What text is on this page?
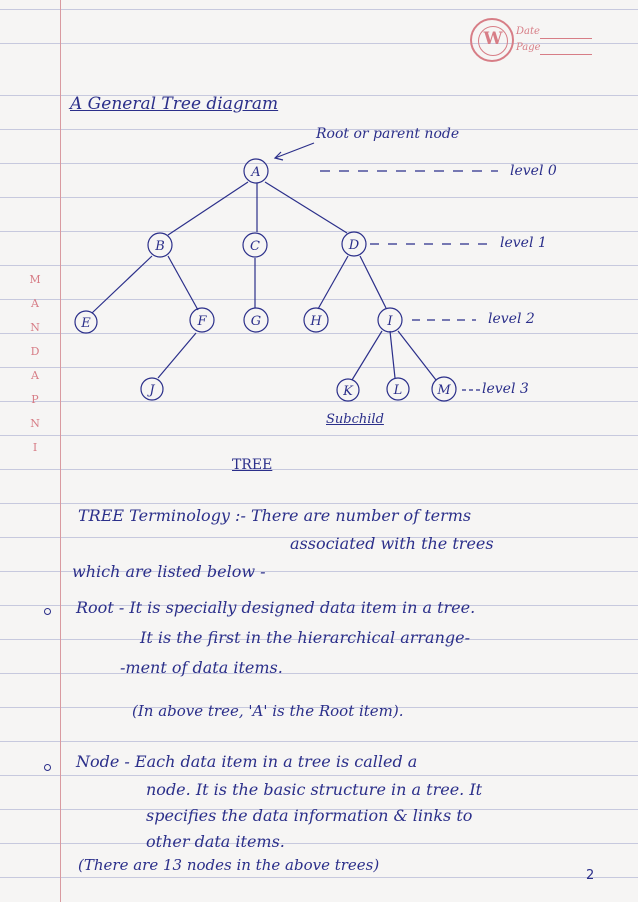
W	Date
Page
M A N D A P N I
A General Tree diagram
Root or parent node
A
B	C	D
E	F	G	H	I
J	K	L	M
level 0
level 1
level 2
level 3
Subchild
TREE
TREE Terminology :- There are number of terms
associated with the trees
which are listed below -
Root - It is specially designed data item in a tree.
It is the first in the hierarchical arrange-
-ment of data items.
(In above tree, 'A' is the Root item).
Node - Each data item in a tree is called a
node. It is the basic structure in a tree. It
specifies the data information & links to
other data items.
(There are 13 nodes in the above trees)
2
